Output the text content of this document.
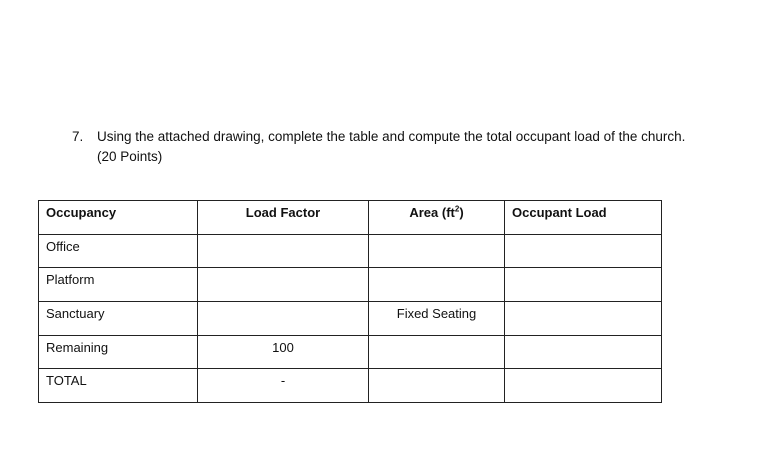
7. Using the attached drawing, complete the table and compute the total occupant load of the church. (20 Points)
Occupancy	Load Factor	Area $(ft^2)$	Occupant Load
Office			
Platform			
Sanctuary		Fixed Seating	
Remaining	100		
TOTAL	-		
